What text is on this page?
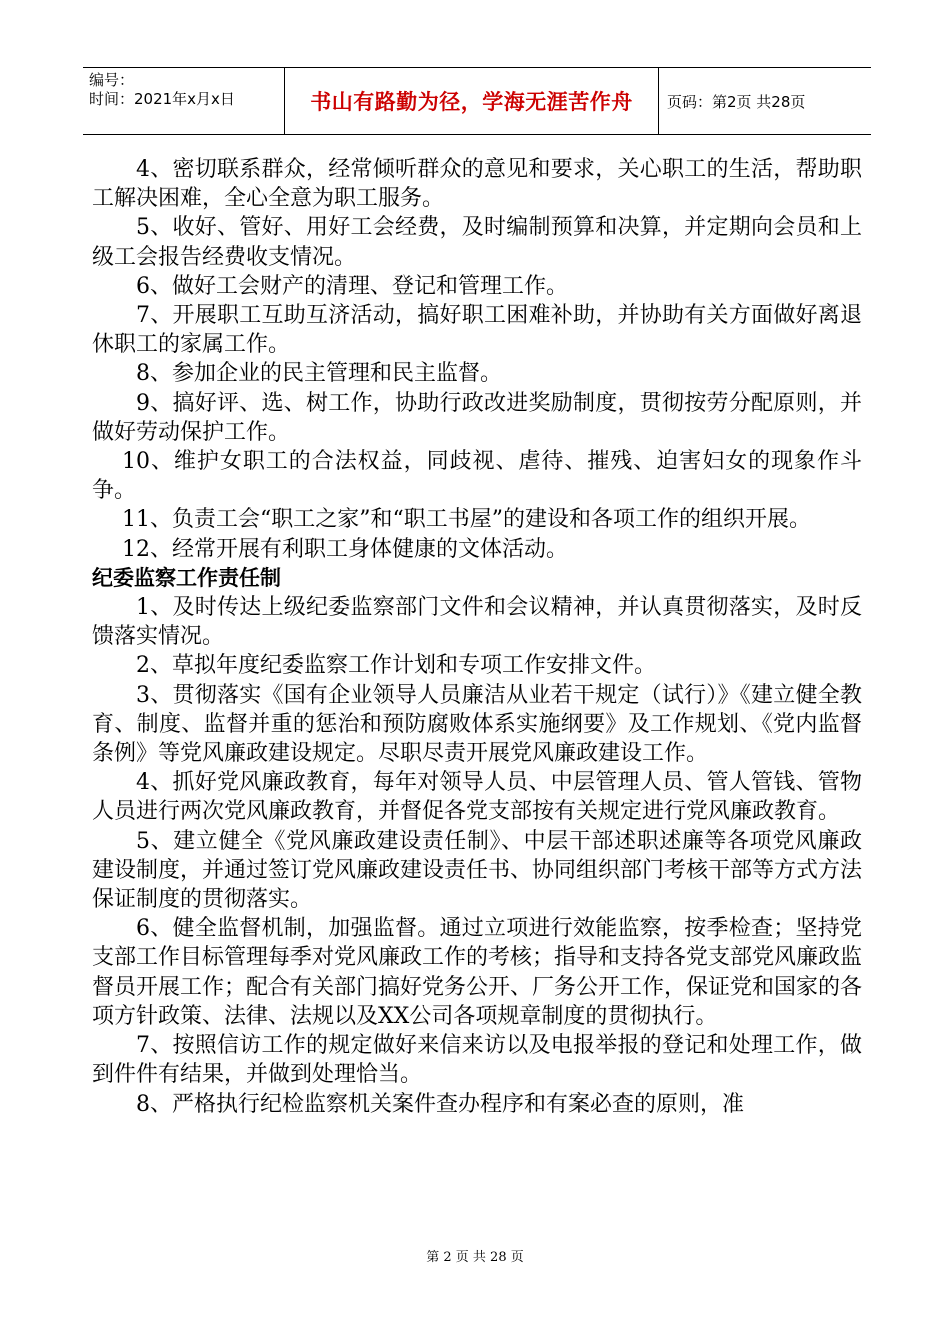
编号：
时间：2021年x月x日	书山有路勤为径，学海无涯苦作舟	页码：第2页 共28页

4、密切联系群众，经常倾听群众的意见和要求，关心职工的生活，帮助职工解决困难，全心全意为职工服务。

5、收好、管好、用好工会经费，及时编制预算和决算，并定期向会员和上级工会报告经费收支情况。

6、做好工会财产的清理、登记和管理工作。

7、开展职工互助互济活动，搞好职工困难补助，并协助有关方面做好离退休职工的家属工作。

8、参加企业的民主管理和民主监督。

9、搞好评、选、树工作，协助行政改进奖励制度，贯彻按劳分配原则，并做好劳动保护工作。

10、维护女职工的合法权益，同歧视、虐待、摧残、迫害妇女的现象作斗争。

11、负责工会“职工之家”和“职工书屋”的建设和各项工作的组织开展。

12、经常开展有利职工身体健康的文体活动。

纪委监察工作责任制

1、及时传达上级纪委监察部门文件和会议精神，并认真贯彻落实，及时反馈落实情况。

2、草拟年度纪委监察工作计划和专项工作安排文件。

3、贯彻落实《国有企业领导人员廉洁从业若干规定（试行）》《建立健全教育、制度、监督并重的惩治和预防腐败体系实施纲要》及工作规划、《党内监督条例》等党风廉政建设规定。尽职尽责开展党风廉政建设工作。

4、抓好党风廉政教育，每年对领导人员、中层管理人员、管人管钱、管物人员进行两次党风廉政教育，并督促各党支部按有关规定进行党风廉政教育。

5、建立健全《党风廉政建设责任制》、中层干部述职述廉等各项党风廉政建设制度，并通过签订党风廉政建设责任书、协同组织部门考核干部等方式方法保证制度的贯彻落实。

6、健全监督机制，加强监督。通过立项进行效能监察，按季检查；坚持党支部工作目标管理每季对党风廉政工作的考核；指导和支持各党支部党风廉政监督员开展工作；配合有关部门搞好党务公开、厂务公开工作，保证党和国家的各项方针政策、法律、法规以及XX公司各项规章制度的贯彻执行。

7、按照信访工作的规定做好来信来访以及电报举报的登记和处理工作，做到件件有结果，并做到处理恰当。

8、严格执行纪检监察机关案件查办程序和有案必查的原则，准

第 2 页 共 28 页
